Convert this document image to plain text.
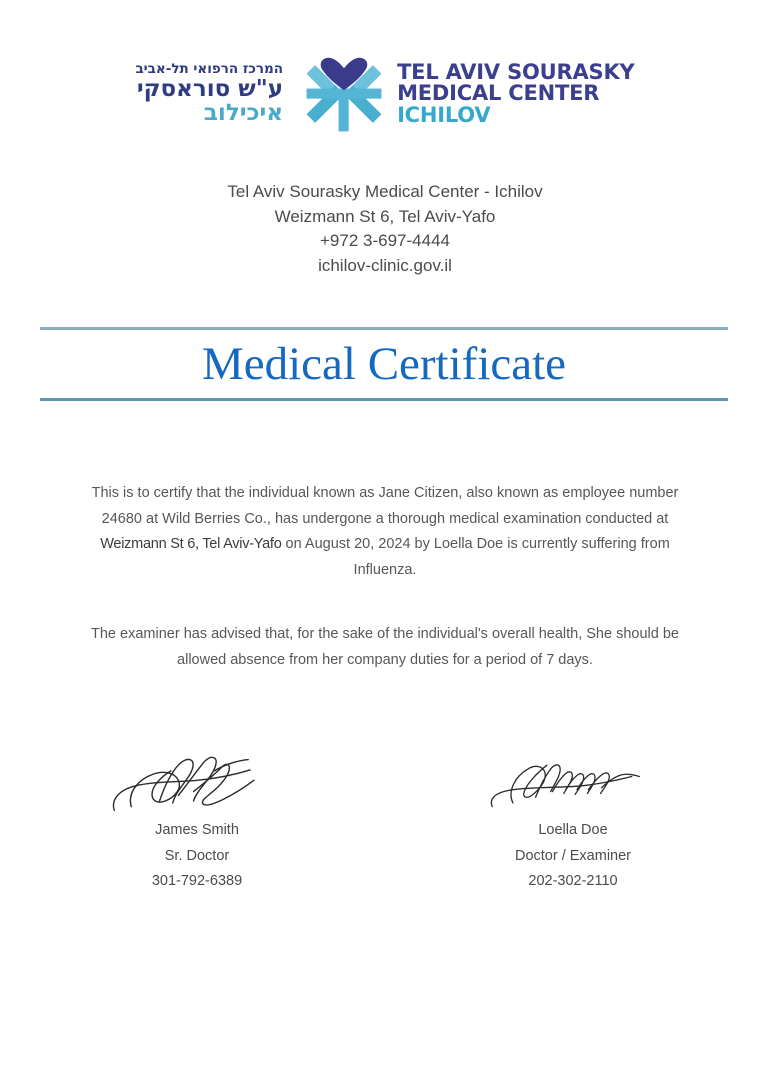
המרכז הרפואי תל-אביב
ע"ש סוראסקי
איכילוב
TEL AVIV SOURASKY
MEDICAL CENTER
ICHILOV
Tel Aviv Sourasky Medical Center - Ichilov
Weizmann St 6, Tel Aviv-Yafo
+972 3-697-4444
ichilov-clinic.gov.il
Medical Certificate
This is to certify that the individual known as Jane Citizen, also known as employee number 24680 at Wild Berries Co., has undergone a thorough medical examination conducted at Weizmann St 6, Tel Aviv-Yafo on August 20, 2024 by Loella Doe is currently suffering from Influenza.
The examiner has advised that, for the sake of the individual's overall health, She should be allowed absence from her company duties for a period of 7 days.
James Smith
Sr. Doctor
301-792-6389
Loella Doe
Doctor / Examiner
202-302-2110
